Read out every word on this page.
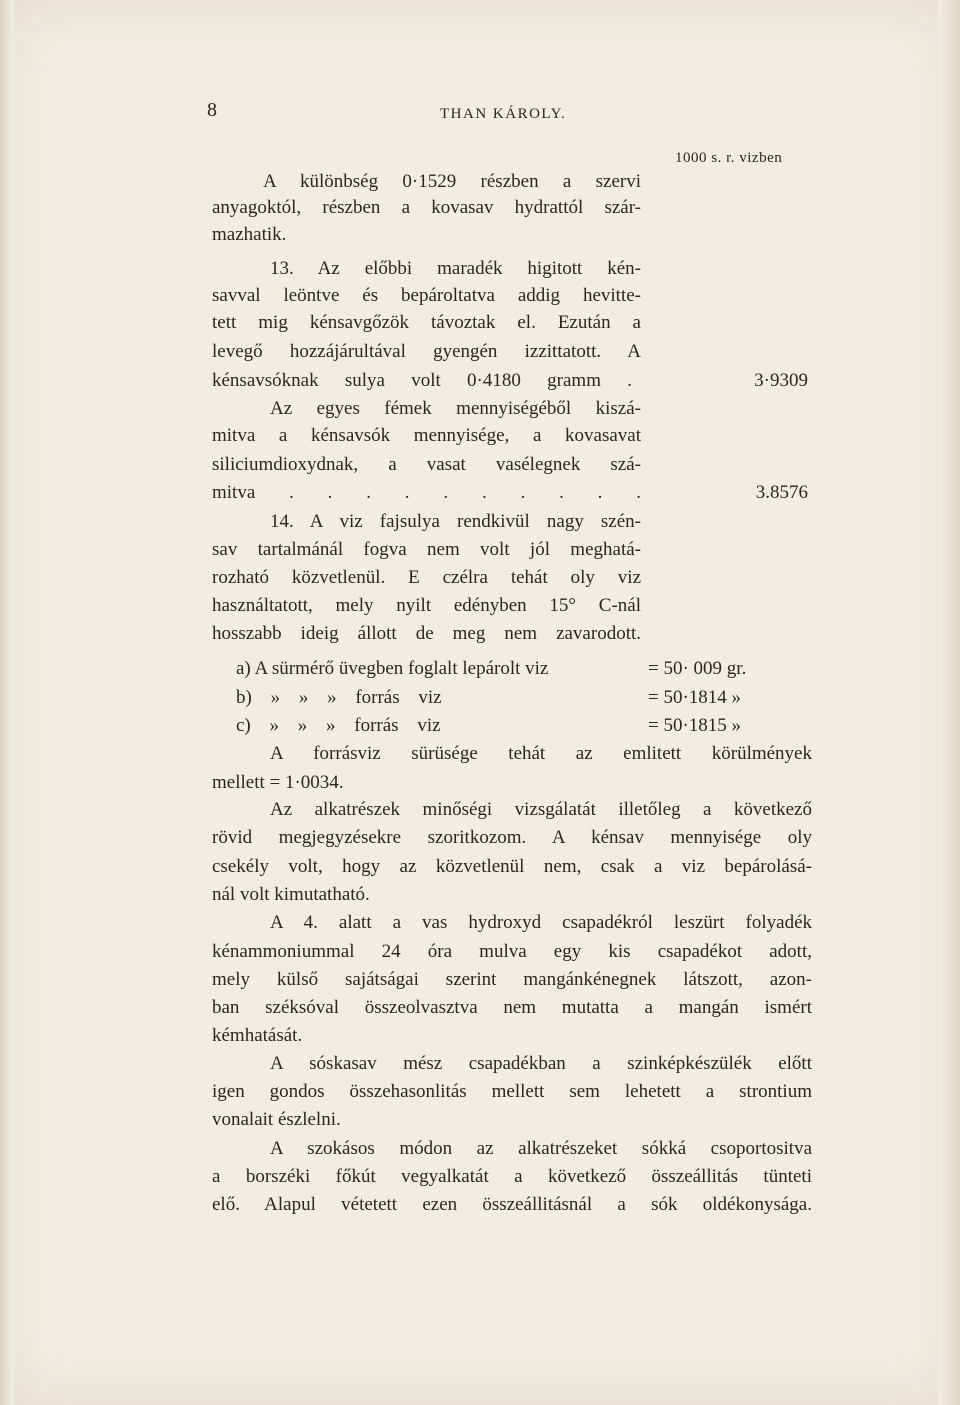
8	THAN KÁROLY.
1000 s. r. vizben
A különbség 0·1529 részben a szervi
anyagoktól, részben a kovasav hydrattól szár-
mazhatik.
13. Az előbbi maradék higitott kén-
savval leöntve és bepároltatva addig hevitte-
tett mig kénsavgőzök távoztak el. Ezután a
levegő hozzájárultával gyengén izzittatott. A
kénsavsóknak sulya volt 0·4180 gramm .	3·9309
Az egyes fémek mennyiségéből kiszá-
mitva a kénsavsók mennyisége, a kovasavat
siliciumdioxydnak, a vasat vasélegnek szá-
mitva . . . . . . . . . .	3.8576
14. A viz fajsulya rendkivül nagy szén-
sav tartalmánál fogva nem volt jól meghatá-
rozható közvetlenül. E czélra tehát oly viz
használtatott, mely nyilt edényben 15° C-nál
hosszabb ideig állott de meg nem zavarodott.
a) A sürmérő üvegben foglalt lepárolt viz	= 50· 009 gr.
b) » » » forrás viz	= 50·1814 »
c) » » » forrás viz	= 50·1815 »
A forrásviz sürüsége tehát az emlitett körülmények
mellett = 1·0034.
Az alkatrészek minőségi vizsgálatát illetőleg a következő
rövid megjegyzésekre szoritkozom. A kénsav mennyisége oly
csekély volt, hogy az közvetlenül nem, csak a viz bepárolásá-
nál volt kimutatható.
A 4. alatt a vas hydroxyd csapadékról leszürt folyadék
kénammoniummal 24 óra mulva egy kis csapadékot adott,
mely külső sajátságai szerint mangánkénegnek látszott, azon-
ban széksóval összeolvasztva nem mutatta a mangán ismért
kémhatását.
A sóskasav mész csapadékban a szinképkészülék előtt
igen gondos összehasonlitás mellett sem lehetett a strontium
vonalait észlelni.
A szokásos módon az alkatrészeket sókká csoportositva
a borszéki főkút vegyalkatát a következő összeállitás tünteti
elő. Alapul vétetett ezen összeállitásnál a sók oldékonysága.
